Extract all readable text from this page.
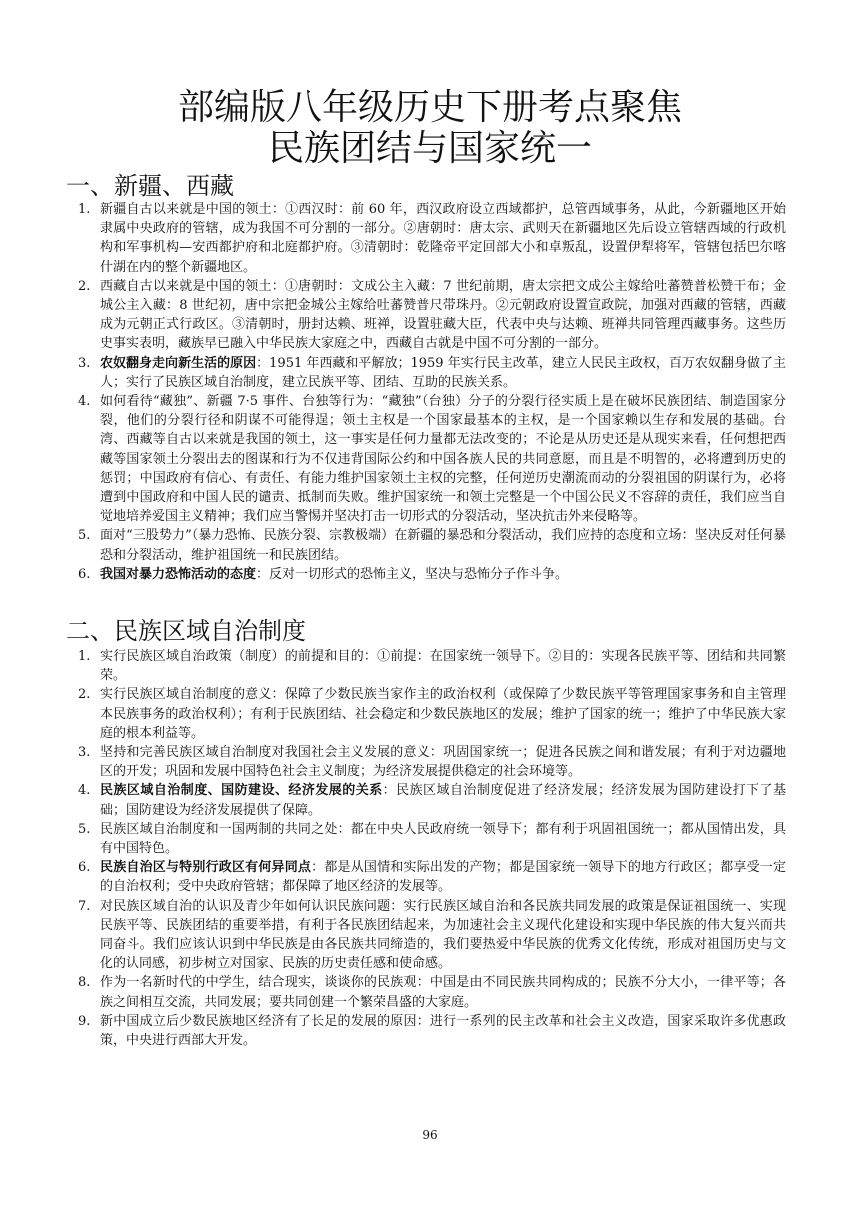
部编版八年级历史下册考点聚焦
民族团结与国家统一
一、新疆、西藏
1. 新疆自古以来就是中国的领土：①西汉时：前 60 年，西汉政府设立西域都护，总管西域事务，从此，今新疆地区开始隶属中央政府的管辖，成为我国不可分割的一部分。②唐朝时：唐太宗、武则天在新疆地区先后设立管辖西域的行政机构和军事机构—安西都护府和北庭都护府。③清朝时：乾隆帝平定回部大小和卓叛乱，设置伊犁将军，管辖包括巴尔喀什湖在内的整个新疆地区。
2. 西藏自古以来就是中国的领土：①唐朝时：文成公主入藏：7 世纪前期，唐太宗把文成公主嫁给吐蕃赞普松赞干布；金城公主入藏：8 世纪初，唐中宗把金城公主嫁给吐蕃赞普尺带珠丹。②元朝政府设置宣政院，加强对西藏的管辖，西藏成为元朝正式行政区。③清朝时，册封达赖、班禅，设置驻藏大臣，代表中央与达赖、班禅共同管理西藏事务。这些历史事实表明，藏族早已融入中华民族大家庭之中，西藏自古就是中国不可分割的一部分。
3. 农奴翻身走向新生活的原因：1951 年西藏和平解放；1959 年实行民主改革，建立人民民主政权，百万农奴翻身做了主人；实行了民族区域自治制度，建立民族平等、团结、互助的民族关系。
4. 如何看待“藏独”、新疆 7·5 事件、台独等行为：“藏独”（台独）分子的分裂行径实质上是在破坏民族团结、制造国家分裂，他们的分裂行径和阴谋不可能得逞；领土主权是一个国家最基本的主权，是一个国家赖以生存和发展的基础。台湾、西藏等自古以来就是我国的领土，这一事实是任何力量都无法改变的；不论是从历史还是从现实来看，任何想把西藏等国家领土分裂出去的图谋和行为不仅违背国际公约和中国各族人民的共同意愿，而且是不明智的，必将遭到历史的惩罚；中国政府有信心、有责任、有能力维护国家领土主权的完整，任何逆历史潮流而动的分裂祖国的阴谋行为，必将遭到中国政府和中国人民的谴责、抵制而失败。维护国家统一和领土完整是一个中国公民义不容辞的责任，我们应当自觉地培养爱国主义精神；我们应当警惕并坚决打击一切形式的分裂活动，坚决抗击外来侵略等。
5. 面对“三股势力”（暴力恐怖、民族分裂、宗教极端）在新疆的暴恐和分裂活动，我们应持的态度和立场：坚决反对任何暴恐和分裂活动，维护祖国统一和民族团结。
6. 我国对暴力恐怖活动的态度：反对一切形式的恐怖主义，坚决与恐怖分子作斗争。
二、民族区域自治制度
1. 实行民族区域自治政策（制度）的前提和目的：①前提：在国家统一领导下。②目的：实现各民族平等、团结和共同繁荣。
2. 实行民族区域自治制度的意义：保障了少数民族当家作主的政治权利（或保障了少数民族平等管理国家事务和自主管理本民族事务的政治权利）；有利于民族团结、社会稳定和少数民族地区的发展；维护了国家的统一；维护了中华民族大家庭的根本利益等。
3. 坚持和完善民族区域自治制度对我国社会主义发展的意义：巩固国家统一；促进各民族之间和谐发展；有利于对边疆地区的开发；巩固和发展中国特色社会主义制度；为经济发展提供稳定的社会环境等。
4. 民族区域自治制度、国防建设、经济发展的关系：民族区域自治制度促进了经济发展；经济发展为国防建设打下了基础；国防建设为经济发展提供了保障。
5. 民族区域自治制度和一国两制的共同之处：都在中央人民政府统一领导下；都有利于巩固祖国统一；都从国情出发，具有中国特色。
6. 民族自治区与特别行政区有何异同点：都是从国情和实际出发的产物；都是国家统一领导下的地方行政区；都享受一定的自治权利；受中央政府管辖；都保障了地区经济的发展等。
7. 对民族区域自治的认识及青少年如何认识民族问题：实行民族区域自治和各民族共同发展的政策是保证祖国统一、实现民族平等、民族团结的重要举措，有利于各民族团结起来，为加速社会主义现代化建设和实现中华民族的伟大复兴而共同奋斗。我们应该认识到中华民族是由各民族共同缔造的，我们要热爱中华民族的优秀文化传统，形成对祖国历史与文化的认同感，初步树立对国家、民族的历史责任感和使命感。
8. 作为一名新时代的中学生，结合现实，谈谈你的民族观：中国是由不同民族共同构成的；民族不分大小，一律平等；各族之间相互交流，共同发展；要共同创建一个繁荣昌盛的大家庭。
9. 新中国成立后少数民族地区经济有了长足的发展的原因：进行一系列的民主改革和社会主义改造，国家采取许多优惠政策，中央进行西部大开发。
96
